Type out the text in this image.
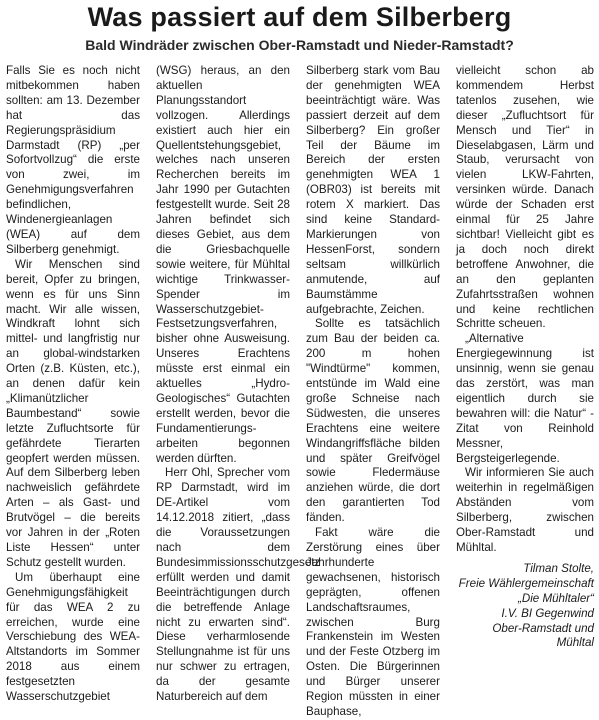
Was passiert auf dem Silberberg
Bald Windräder zwischen Ober-Ramstadt und Nieder-Ramstadt?

Falls Sie es noch nicht mitbekommen haben sollten: am 13. Dezember hat das Regierungspräsidium Darmstadt (RP) „per Sofortvollzug“ die erste von zwei, im Genehmigungsverfahren befindlichen, Windenergieanlagen (WEA) auf dem Silberberg genehmigt.

Wir Menschen sind bereit, Opfer zu bringen, wenn es für uns Sinn macht. Wir alle wissen, Windkraft lohnt sich mittel- und langfristig nur an global-windstarken Orten (z.B. Küsten, etc.), an denen dafür kein „Klimanützlicher Baumbestand“ sowie letzte Zufluchtsorte für gefährdete Tierarten geopfert werden müssen. Auf dem Silberberg leben nachweislich gefährdete Arten – als Gast- und Brutvögel – die bereits vor Jahren in der „Roten Liste Hessen“ unter Schutz gestellt wurden.

Um überhaupt eine Genehmigungsfähigkeit für das WEA 2 zu erreichen, wurde eine Verschiebung des WEA-Altstandorts im Sommer 2018 aus einem festgesetzten Wasserschutzgebiet

(WSG) heraus, an den aktuellen Planungsstandort vollzogen. Allerdings existiert auch hier ein Quellentstehungsgebiet, welches nach unseren Recherchen bereits im Jahr 1990 per Gutachten festgestellt wurde. Seit 28 Jahren befindet sich dieses Gebiet, aus dem die Griesbachquelle sowie weitere, für Mühltal wichtige Trinkwasser-Spender im Wasserschutzgebiet-Festsetzungsverfahren, bisher ohne Ausweisung. Unseres Erachtens müsste erst einmal ein aktuelles „Hydro-Geologisches“ Gutachten erstellt werden, bevor die Fundamentierungs-arbeiten begonnen werden dürften.

Herr Ohl, Sprecher vom RP Darmstadt, wird im DE-Artikel vom 14.12.2018 zitiert, „dass die Voraussetzungen nach dem Bundesimmissionsschutzgesetz erfüllt werden und damit Beeinträchtigungen durch die betreffende Anlage nicht zu erwarten sind“. Diese verharmlosende Stellungnahme ist für uns nur schwer zu ertragen, da der gesamte Naturbereich auf dem

Silberberg stark vom Bau der genehmigten WEA beeinträchtigt wäre. Was passiert derzeit auf dem Silberberg? Ein großer Teil der Bäume im Bereich der ersten genehmigten WEA 1 (OBR03) ist bereits mit rotem X markiert. Das sind keine Standard-Markierungen von HessenForst, sondern seltsam willkürlich anmutende, auf Baumstämme aufgebrachte, Zeichen.

Sollte es tatsächlich zum Bau der beiden ca. 200 m hohen "Windtürme" kommen, entstünde im Wald eine große Schneise nach Südwesten, die unseres Erachtens eine weitere Windangriffsfläche bilden und später Greifvögel sowie Fledermäuse anziehen würde, die dort den garantierten Tod fänden.

Fakt wäre die Zerstörung eines über Jahrhunderte gewachsenen, historisch geprägten, offenen Landschaftsraumes, zwischen Burg Frankenstein im Westen und der Feste Otzberg im Osten. Die Bürgerinnen und Bürger unserer Region müssten in einer Bauphase,

vielleicht schon ab kommendem Herbst tatenlos zusehen, wie dieser „Zufluchtsort für Mensch und Tier“ in Dieselabgasen, Lärm und Staub, verursacht von vielen LKW-Fahrten, versinken würde. Danach würde der Schaden erst einmal für 25 Jahre sichtbar! Vielleicht gibt es ja doch noch direkt betroffene Anwohner, die an den geplanten Zufahrtsstraßen wohnen und keine rechtlichen Schritte scheuen.

„Alternative Energiegewinnung ist unsinnig, wenn sie genau das zerstört, was man eigentlich durch sie bewahren will: die Natur“ - Zitat von Reinhold Messner, Bergsteigerlegende.

Wir informieren Sie auch weiterhin in regelmäßigen Abständen vom Silberberg, zwischen Ober-Ramstadt und Mühltal.

Tilman Stolte,
Freie Wählergemeinschaft
„Die Mühltaler“
I.V. BI Gegenwind
Ober-Ramstadt und Mühltal
